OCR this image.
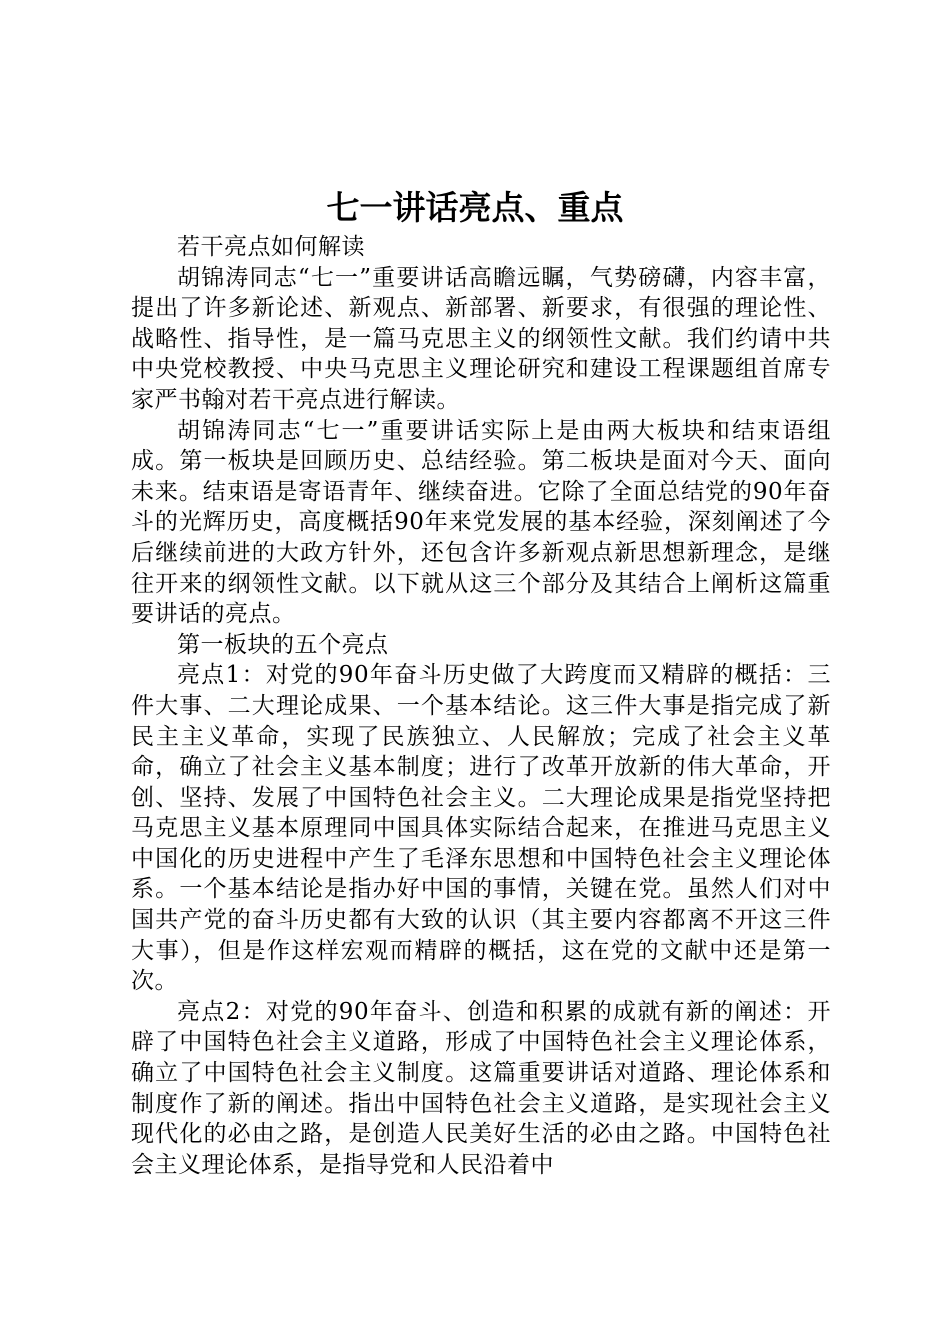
七一讲话亮点、重点

若干亮点如何解读

胡锦涛同志“七一”重要讲话高瞻远瞩，气势磅礴，内容丰富，提出了许多新论述、新观点、新部署、新要求，有很强的理论性、战略性、指导性，是一篇马克思主义的纲领性文献。我们约请中共中央党校教授、中央马克思主义理论研究和建设工程课题组首席专家严书翰对若干亮点进行解读。

胡锦涛同志“七一”重要讲话实际上是由两大板块和结束语组成。第一板块是回顾历史、总结经验。第二板块是面对今天、面向未来。结束语是寄语青年、继续奋进。它除了全面总结党的90年奋斗的光辉历史，高度概括90年来党发展的基本经验，深刻阐述了今后继续前进的大政方针外，还包含许多新观点新思想新理念，是继往开来的纲领性文献。以下就从这三个部分及其结合上阐析这篇重要讲话的亮点。

第一板块的五个亮点

亮点1：对党的90年奋斗历史做了大跨度而又精辟的概括：三件大事、二大理论成果、一个基本结论。这三件大事是指完成了新民主主义革命，实现了民族独立、人民解放；完成了社会主义革命，确立了社会主义基本制度；进行了改革开放新的伟大革命，开创、坚持、发展了中国特色社会主义。二大理论成果是指党坚持把马克思主义基本原理同中国具体实际结合起来，在推进马克思主义中国化的历史进程中产生了毛泽东思想和中国特色社会主义理论体系。一个基本结论是指办好中国的事情，关键在党。虽然人们对中国共产党的奋斗历史都有大致的认识（其主要内容都离不开这三件大事），但是作这样宏观而精辟的概括，这在党的文献中还是第一次。

亮点2：对党的90年奋斗、创造和积累的成就有新的阐述：开辟了中国特色社会主义道路，形成了中国特色社会主义理论体系，确立了中国特色社会主义制度。这篇重要讲话对道路、理论体系和制度作了新的阐述。指出中国特色社会主义道路，是实现社会主义现代化的必由之路，是创造人民美好生活的必由之路。中国特色社会主义理论体系，是指导党和人民沿着中
